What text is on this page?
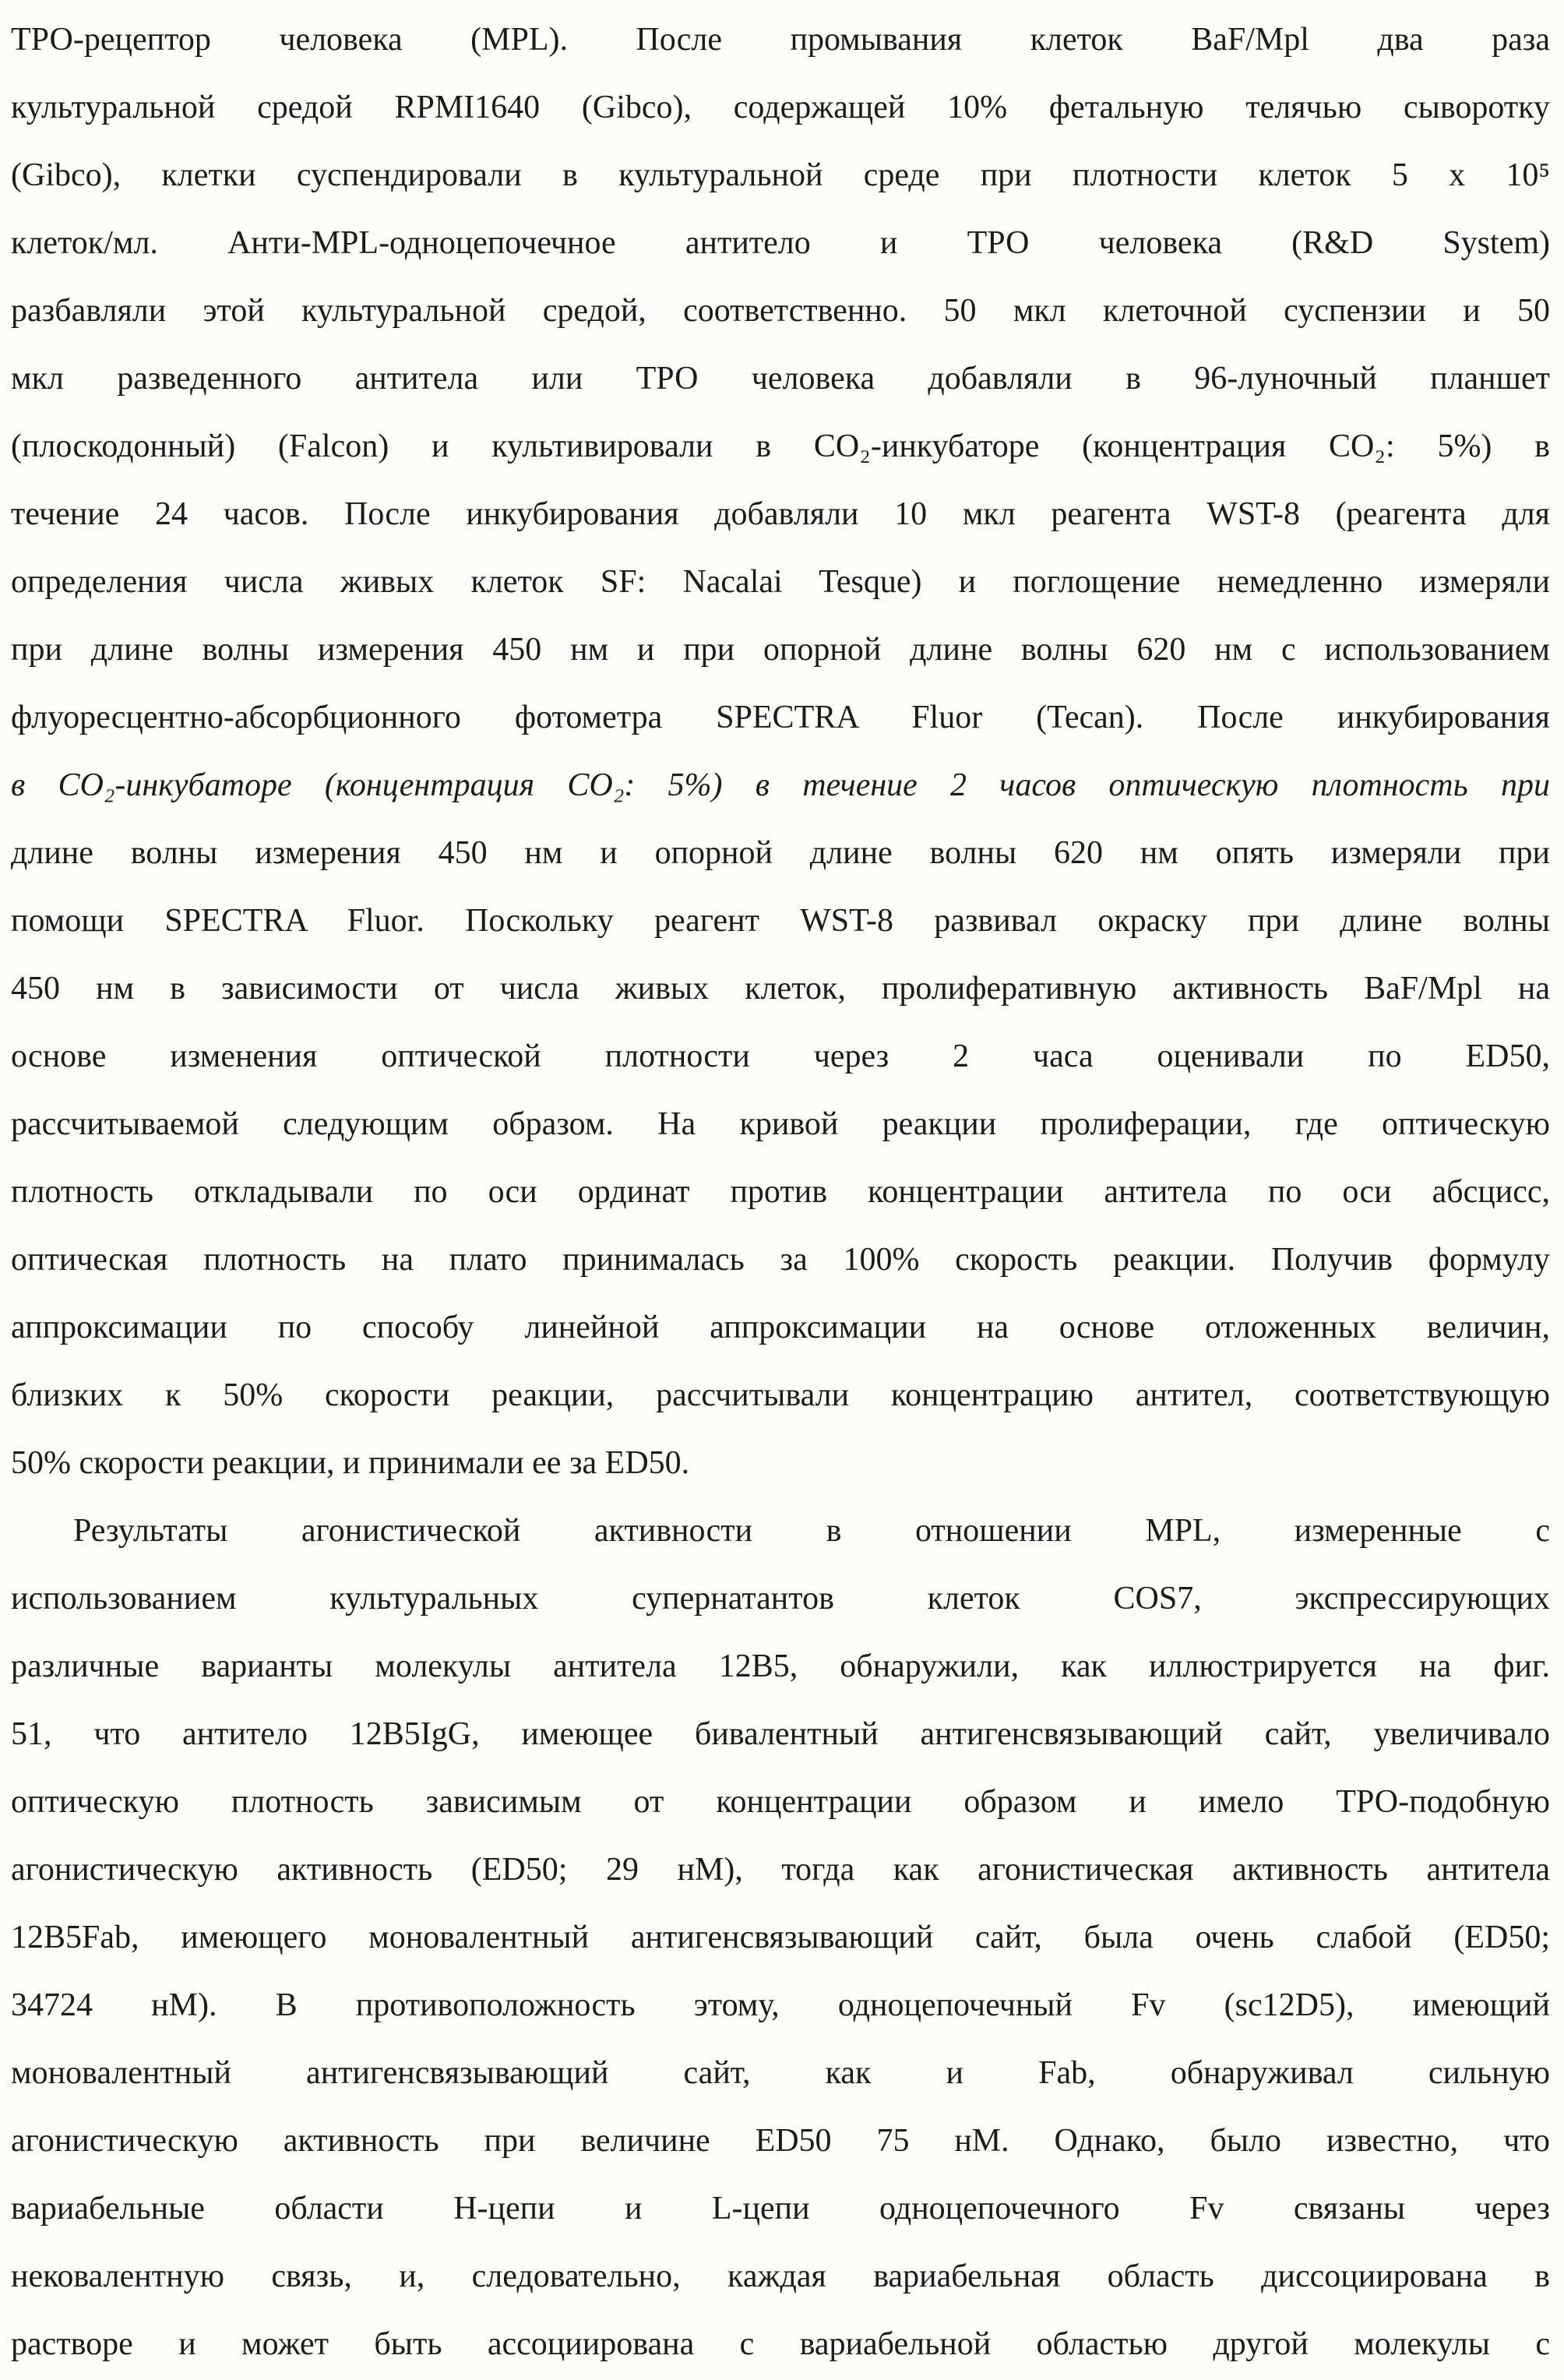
ТРО-рецептор человека (MPL). После промывания клеток BaF/Mpl два раза
культуральной средой RPMI1640 (Gibco), содержащей 10% фетальную телячью сыворотку
(Gibco), клетки суспендировали в культуральной среде при плотности клеток 5 х 10⁵
клеток/мл. Анти-MPL-одноцепочечное антитело и ТРО человека (R&D System)
разбавляли этой культуральной средой, соответственно. 50 мкл клеточной суспензии и 50
мкл разведенного антитела или ТРО человека добавляли в 96-луночный планшет
(плоскодонный) (Falcon) и культивировали в СО₂-инкубаторе (концентрация СО₂: 5%) в
течение 24 часов. После инкубирования добавляли 10 мкл реагента WST-8 (реагента для
определения числа живых клеток SF: Nacalai Tesque) и поглощение немедленно измеряли
при длине волны измерения 450 нм и при опорной длине волны 620 нм с использованием
флуоресцентно-абсорбционного фотометра SPECTRA Fluor (Tecan). После инкубирования
в СО₂-инкубаторе (концентрация СО₂: 5%) в течение 2 часов оптическую плотность при
длине волны измерения 450 нм и опорной длине волны 620 нм опять измеряли при
помощи SPECTRA Fluor. Поскольку реагент WST-8 развивал окраску при длине волны
450 нм в зависимости от числа живых клеток, пролиферативную активность BaF/Mpl на
основе изменения оптической плотности через 2 часа оценивали по ED50,
рассчитываемой следующим образом. На кривой реакции пролиферации, где оптическую
плотность откладывали по оси ординат против концентрации антитела по оси абсцисс,
оптическая плотность на плато принималась за 100% скорость реакции. Получив формулу
аппроксимации по способу линейной аппроксимации на основе отложенных величин,
близких к 50% скорости реакции, рассчитывали концентрацию антител, соответствующую
50% скорости реакции, и принимали ее за ED50.
Результаты агонистической активности в отношении MPL, измеренные с
использованием культуральных супернатантов клеток COS7, экспрессирующих
различные варианты молекулы антитела 12B5, обнаружили, как иллюстрируется на фиг.
51, что антитело 12B5IgG, имеющее бивалентный антигенсвязывающий сайт, увеличивало
оптическую плотность зависимым от концентрации образом и имело ТРО-подобную
агонистическую активность (ED50; 29 нМ), тогда как агонистическая активность антитела
12B5Fab, имеющего моновалентный антигенсвязывающий сайт, была очень слабой (ED50;
34724 нМ). В противоположность этому, одноцепочечный Fv (sc12D5), имеющий
моновалентный антигенсвязывающий сайт, как и Fab, обнаруживал сильную
агонистическую активность при величине ED50 75 нМ. Однако, было известно, что
вариабельные области Н-цепи и L-цепи одноцепочечного Fv связаны через
нековалентную связь, и, следовательно, каждая вариабельная область диссоциирована в
растворе и может быть ассоциирована с вариабельной областью другой молекулы с
